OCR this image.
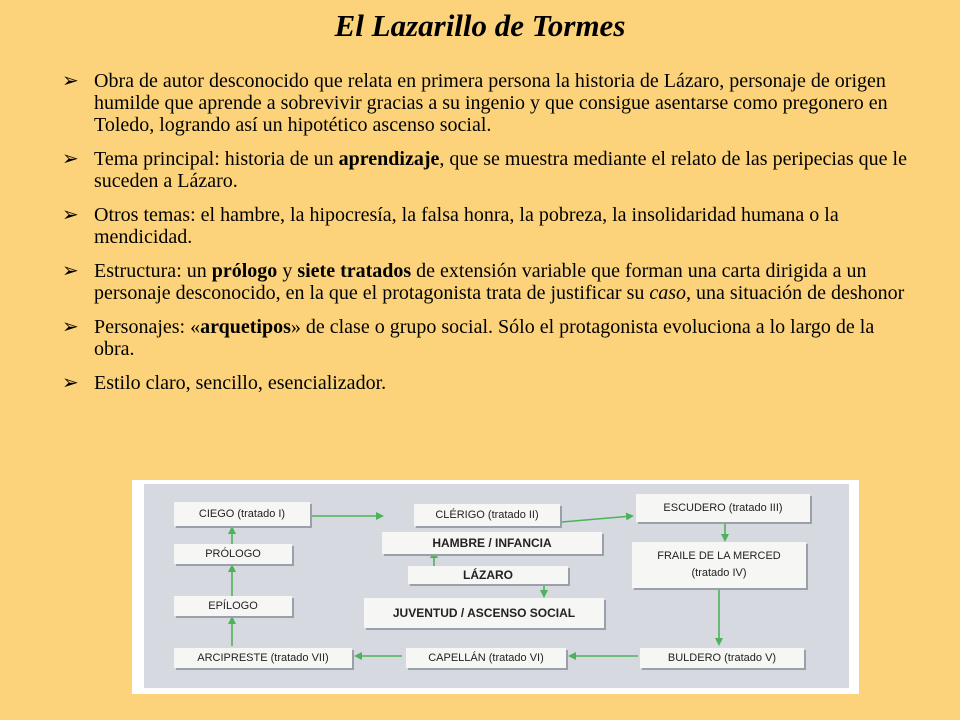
El Lazarillo de Tormes
➢ Obra de autor desconocido que relata en primera persona la historia de Lázaro, personaje de origen humilde que aprende a sobrevivir gracias a su ingenio y que consigue asentarse como pregonero en Toledo, logrando así un hipotético ascenso social.
➢ Tema principal: historia de un aprendizaje, que se muestra mediante el relato de las peripecias que le suceden a Lázaro.
➢ Otros temas: el hambre, la hipocresía, la falsa honra, la pobreza, la insolidaridad humana o la mendicidad.
➢ Estructura: un prólogo y siete tratados de extensión variable que forman una carta dirigida a un personaje desconocido, en la que el protagonista trata de justificar su caso, una situación de deshonor
➢ Personajes: «arquetipos» de clase o grupo social. Sólo el protagonista evoluciona a lo largo de la obra.
➢ Estilo claro, sencillo, esencializador.
CIEGO (tratado I)	CLÉRIGO (tratado II)
ESCUDERO (tratado III)
PRÓLOGO
HAMBRE / INFANCIA
FRAILE DE LA MERCED
(tratado IV)
LÁZARO
JUVENTUD / ASCENSO SOCIAL
EPÍLOGO
ARCIPRESTE (tratado VII)	CAPELLÁN (tratado VI)	BULDERO (tratado V)
